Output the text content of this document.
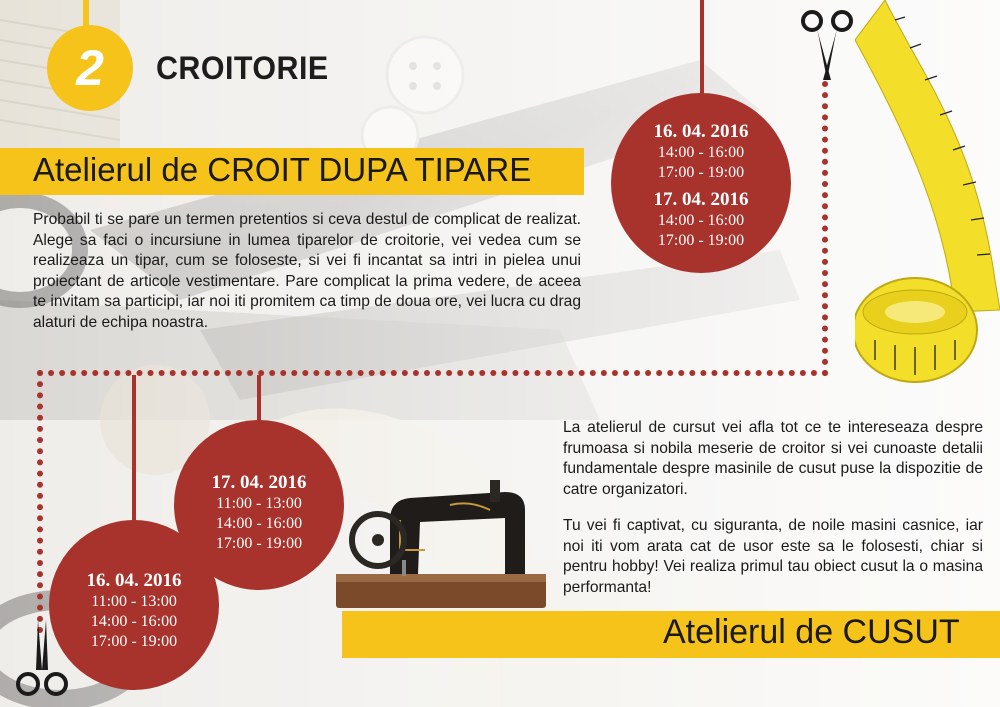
2	CROITORIE
Atelierul de CROIT DUPA TIPARE

Probabil ti se pare un termen pretentios si ceva destul de complicat de realizat. Alege sa faci o incursiune in lumea tiparelor de croitorie, vei vedea cum se realizeaza un tipar, cum se foloseste, si vei fi incantat sa intri in pielea unui proiectant de articole vestimentare. Pare complicat la prima vedere, de aceea te invitam sa participi, iar noi iti promitem ca timp de doua ore, vei lucra cu drag alaturi de echipa noastra.

16. 04. 2016
14:00 - 16:00
17:00 - 19:00
17. 04. 2016
14:00 - 16:00
17:00 - 19:00
17. 04. 2016
11:00 - 13:00
14:00 - 16:00
17:00 - 19:00
16. 04. 2016
11:00 - 13:00
14:00 - 16:00
17:00 - 19:00

La atelierul de cursut vei afla tot ce te intereseaza despre frumoasa si nobila meserie de croitor si vei cunoaste detalii fundamentale despre masinile de cusut puse la dispozitie de catre organizatori.

Tu vei fi captivat, cu siguranta, de noile masini casnice, iar noi iti vom arata cat de usor este sa le folosesti, chiar si pentru hobby! Vei realiza primul tau obiect cusut la o masina performanta!

Atelierul de CUSUT
